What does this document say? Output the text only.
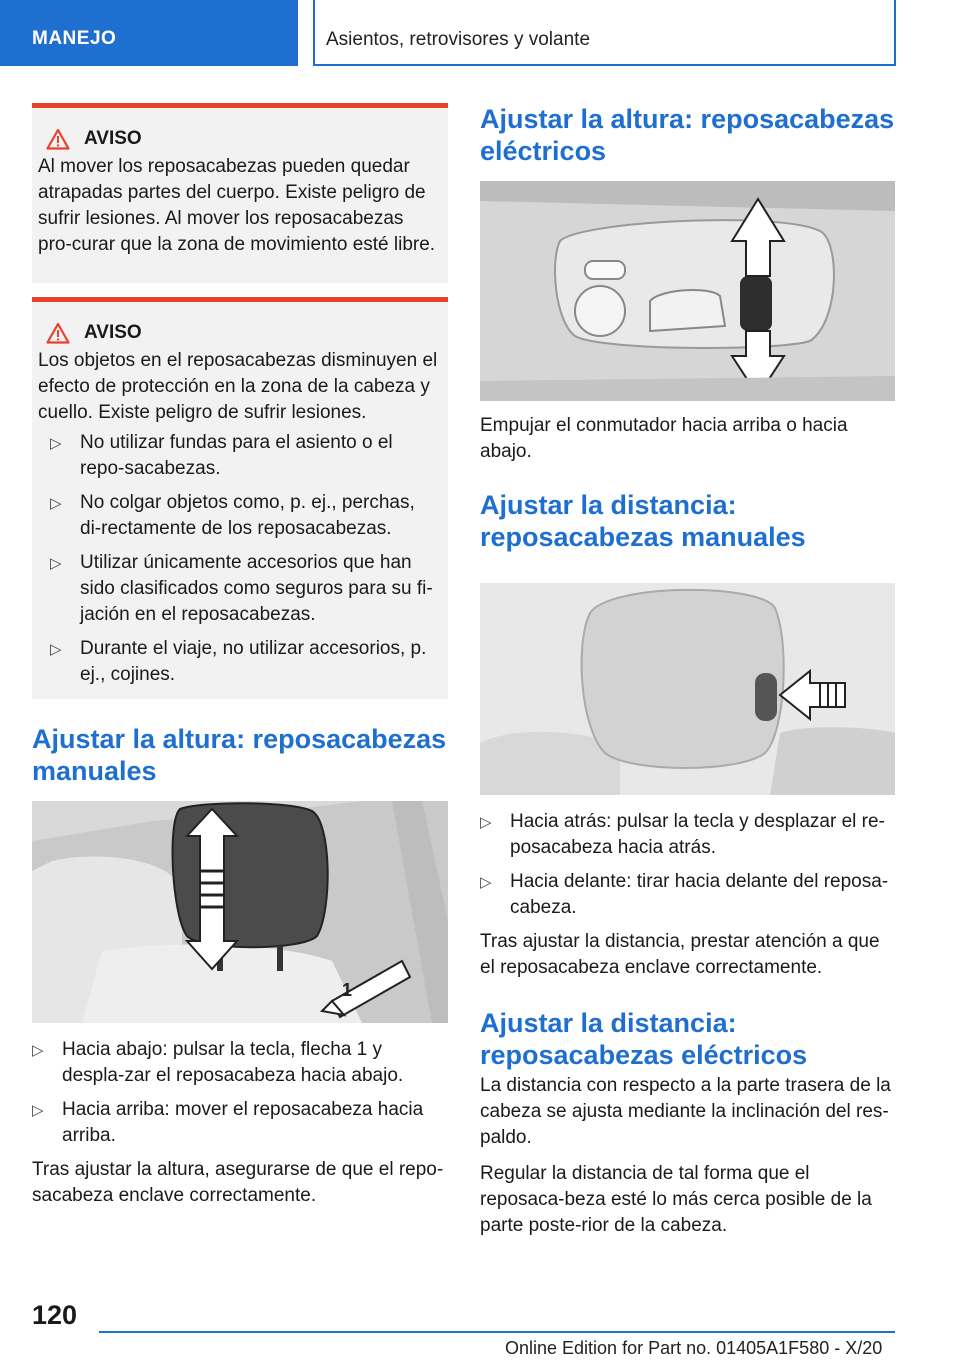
MANEJO	Asientos, retrovisores y volante
AVISO

Al mover los reposacabezas pueden quedar atrapadas partes del cuerpo. Existe peligro de sufrir lesiones. Al mover los reposacabezas pro‐curar que la zona de movimiento esté libre.

AVISO

Los objetos en el reposacabezas disminuyen el efecto de protección en la zona de la cabeza y cuello. Existe peligro de sufrir lesiones.

▷ No utilizar fundas para el asiento o el repo‐sacabezas.
▷ No colgar objetos como, p. ej., perchas, di‐rectamente de los reposacabezas.
▷ Utilizar únicamente accesorios que han sido clasificados como seguros para su fi‐jación en el reposacabezas.
▷ Durante el viaje, no utilizar accesorios, p. ej., cojines.
Ajustar la altura: reposacabezas manuales
1
▷ Hacia abajo: pulsar la tecla, flecha 1 y despla‐zar el reposacabeza hacia abajo.
▷ Hacia arriba: mover el reposacabeza hacia arriba.

Tras ajustar la altura, asegurarse de que el repo‐sacabeza enclave correctamente.

Ajustar la altura: reposacabezas eléctricos

Empujar el conmutador hacia arriba o hacia abajo.

Ajustar la distancia: reposacabezas manuales
▷ Hacia atrás: pulsar la tecla y desplazar el re‐posacabeza hacia atrás.
▷ Hacia delante: tirar hacia delante del reposa‐cabeza.

Tras ajustar la distancia, prestar atención a que el reposacabeza enclave correctamente.

Ajustar la distancia: reposacabezas eléctricos

La distancia con respecto a la parte trasera de la cabeza se ajusta mediante la inclinación del res‐paldo.

Regular la distancia de tal forma que el reposaca‐beza esté lo más cerca posible de la parte poste‐rior de la cabeza.

120
Online Edition for Part no. 01405A1F580 - X/20
